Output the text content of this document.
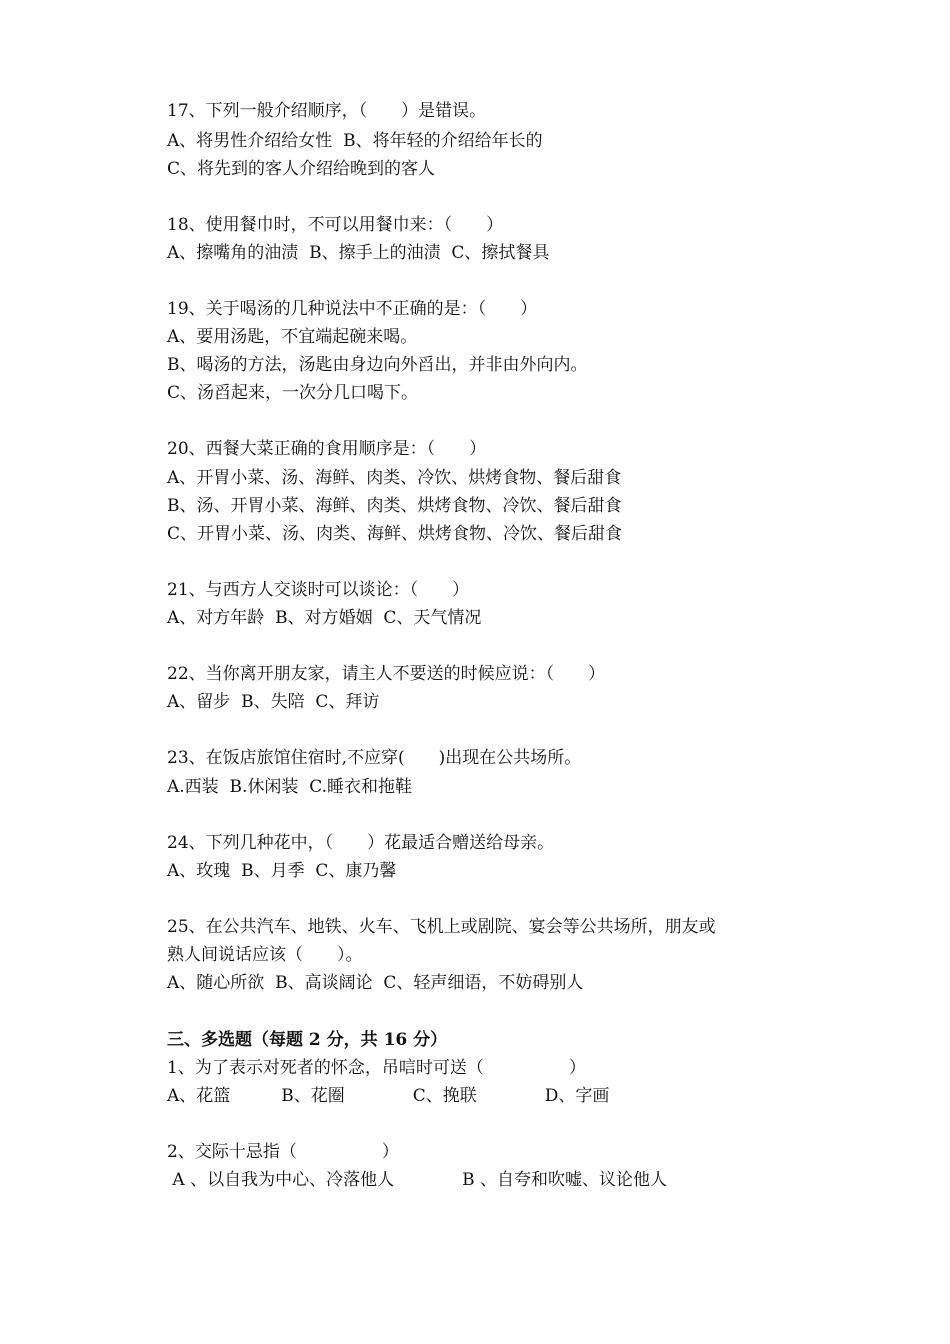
17、下列一般介绍顺序，（　　）是错误。
A、将男性介绍给女性  B、将年轻的介绍给年长的
C、将先到的客人介绍给晚到的客人
18、使用餐巾时，不可以用餐巾来：（　　）
A、擦嘴角的油渍  B、擦手上的油渍  C、擦拭餐具
19、关于喝汤的几种说法中不正确的是：（　　）
A、要用汤匙，不宜端起碗来喝。
B、喝汤的方法，汤匙由身边向外舀出，并非由外向内。
C、汤舀起来，一次分几口喝下。
20、西餐大菜正确的食用顺序是：（　　）
A、开胃小菜、汤、海鲜、肉类、冷饮、烘烤食物、餐后甜食
B、汤、开胃小菜、海鲜、肉类、烘烤食物、冷饮、餐后甜食
C、开胃小菜、汤、肉类、海鲜、烘烤食物、冷饮、餐后甜食
21、与西方人交谈时可以谈论：（　　）
A、对方年龄  B、对方婚姻  C、天气情况
22、当你离开朋友家，请主人不要送的时候应说：（　　）
A、留步  B、失陪  C、拜访
23、在饭店旅馆住宿时,不应穿(　　)出现在公共场所。
A.西装  B.休闲装  C.睡衣和拖鞋
24、下列几种花中，（　　）花最适合赠送给母亲。
A、玫瑰  B、月季  C、康乃馨
25、在公共汽车、地铁、火车、飞机上或剧院、宴会等公共场所，朋友或
熟人间说话应该（　　）。
A、随心所欲  B、高谈阔论  C、轻声细语，不妨碍别人
三、多选题（每题 2 分，共 16 分）
1、为了表示对死者的怀念，吊唁时可送（　　　　　）
A、花篮　　　B、花圈　　　　C、挽联　　　　D、字画
2、交际十忌指（　　　　　）
A 、以自我为中心、冷落他人　　　　B 、自夸和吹嘘、议论他人
